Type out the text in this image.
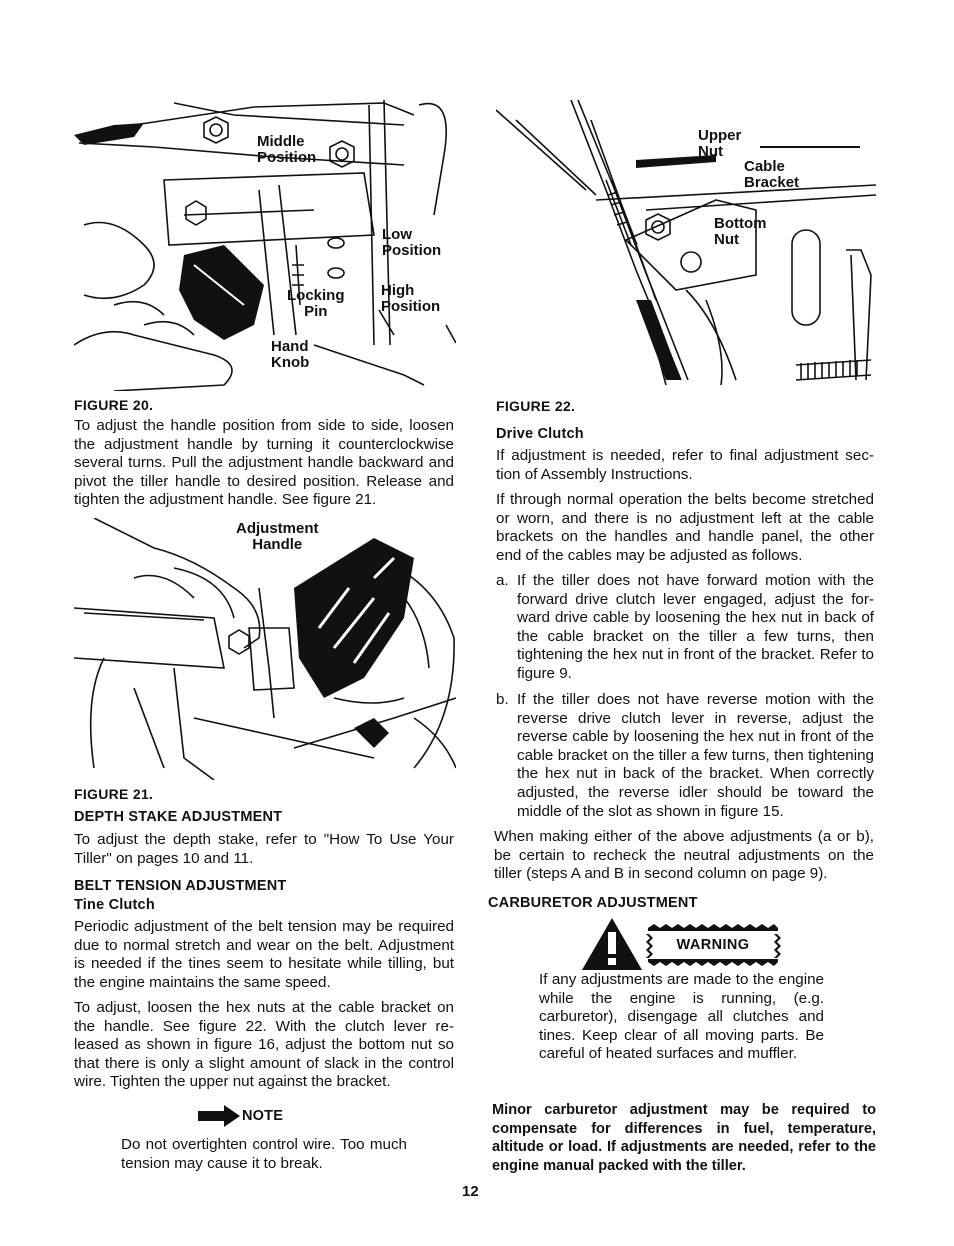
Middle
Position
Low
Position
Locking
Pin
High
Position
Hand
Knob
FIGURE 20.
To adjust the handle position from side to side, loosen the adjustment handle by turning it counterclockwise several turns. Pull the adjustment handle backward and pivot the tiller handle to desired position. Release and tighten the adjustment handle. See figure 21.
Adjustment
Handle
FIGURE 21.
DEPTH STAKE ADJUSTMENT
To adjust the depth stake, refer to "How To Use Your Tiller" on pages 10 and 11.
BELT TENSION ADJUSTMENT
Tine Clutch
Periodic adjustment of the belt tension may be required due to normal stretch and wear on the belt. Adjustment is needed if the tines seem to hesitate while tilling, but the engine maintains the same speed.
To adjust, loosen the hex nuts at the cable bracket on the handle. See figure 22. With the clutch lever re-leased as shown in figure 16, adjust the bottom nut so that there is only a slight amount of slack in the control wire. Tighten the upper nut against the bracket.
NOTE
Do not overtighten control wire. Too much tension may cause it to break.
Upper
Nut
Cable
Bracket
Bottom
Nut
FIGURE 22.
Drive Clutch
If adjustment is needed, refer to final adjustment sec-tion of Assembly Instructions.
If through normal operation the belts become stretched or worn, and there is no adjustment left at the cable brackets on the handles and handle panel, the other end of the cables may be adjusted as follows.
a. If the tiller does not have forward motion with the forward drive clutch lever engaged, adjust the for-ward drive cable by loosening the hex nut in back of the cable bracket on the tiller a few turns, then tightening the hex nut in front of the bracket. Refer to figure 9.
b. If the tiller does not have reverse motion with the reverse drive clutch lever in reverse, adjust the reverse cable by loosening the hex nut in front of the cable bracket on the tiller a few turns, then tightening the hex nut in back of the bracket. When correctly adjusted, the reverse idler should be toward the middle of the slot as shown in figure 15.
When making either of the above adjustments (a or b), be certain to recheck the neutral adjustments on the tiller (steps A and B in second column on page 9).
CARBURETOR ADJUSTMENT
WARNING
If any adjustments are made to the engine while the engine is running, (e.g. carburetor), disengage all clutches and tines. Keep clear of all moving parts. Be careful of heated surfaces and muffler.
Minor carburetor adjustment may be required to compensate for differences in fuel, temperature, altitude or load. If adjustments are needed, refer to the engine manual packed with the tiller.
12
